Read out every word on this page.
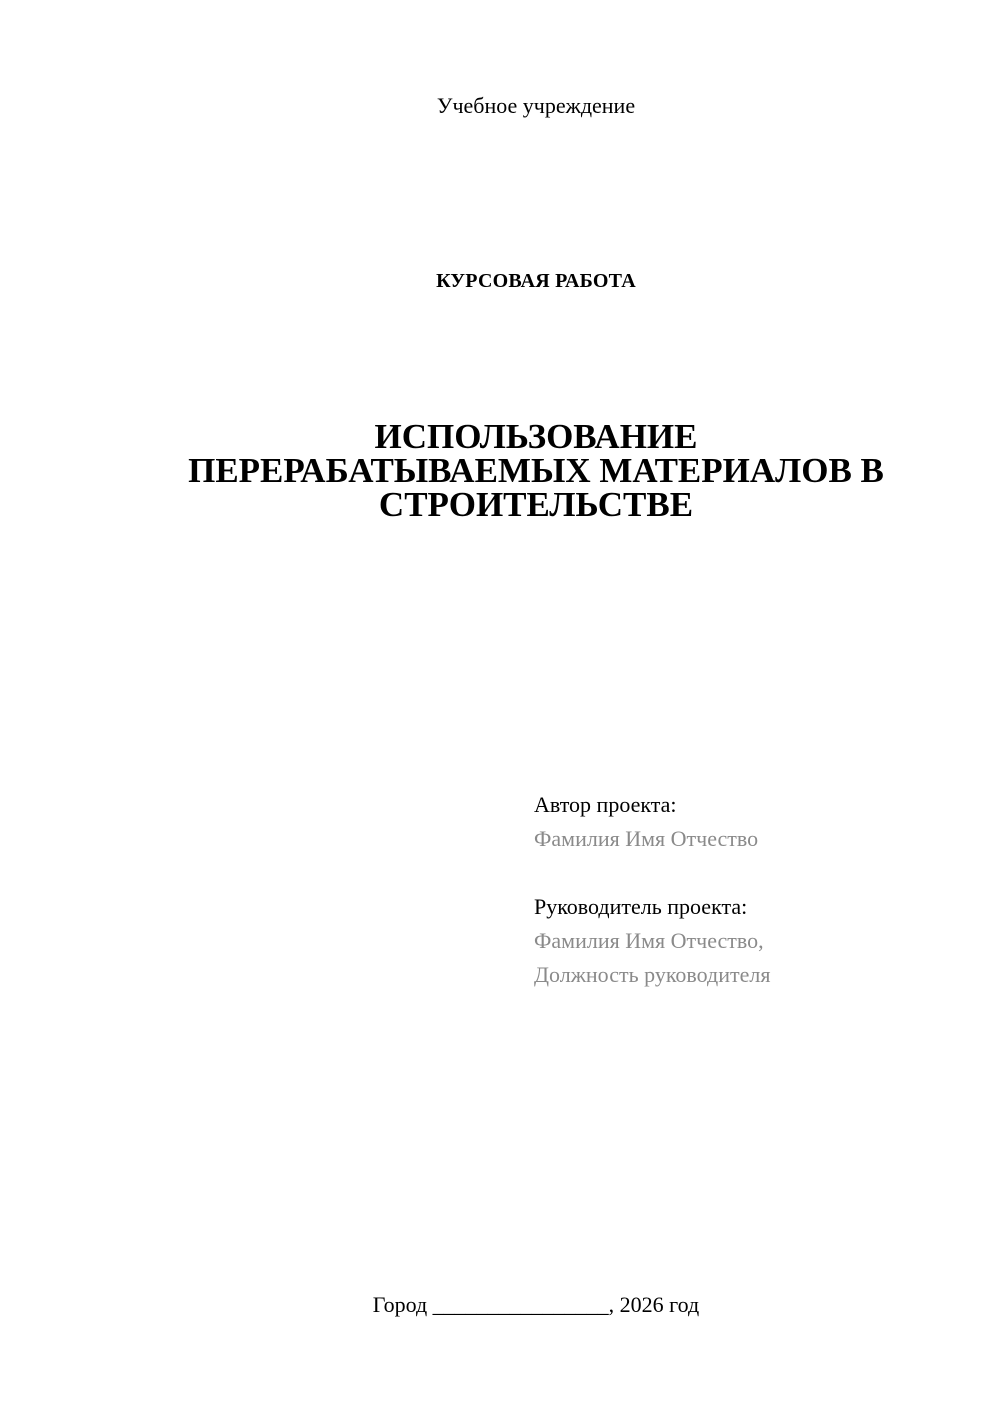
Учебное учреждение
КУРСОВАЯ РАБОТА
ИСПОЛЬЗОВАНИЕ
ПЕРЕРАБАТЫВАЕМЫХ МАТЕРИАЛОВ В
СТРОИТЕЛЬСТВЕ
Автор проекта:
Фамилия Имя Отчество
Руководитель проекта:
Фамилия Имя Отчество,
Должность руководителя
Город ________________, 2026 год
